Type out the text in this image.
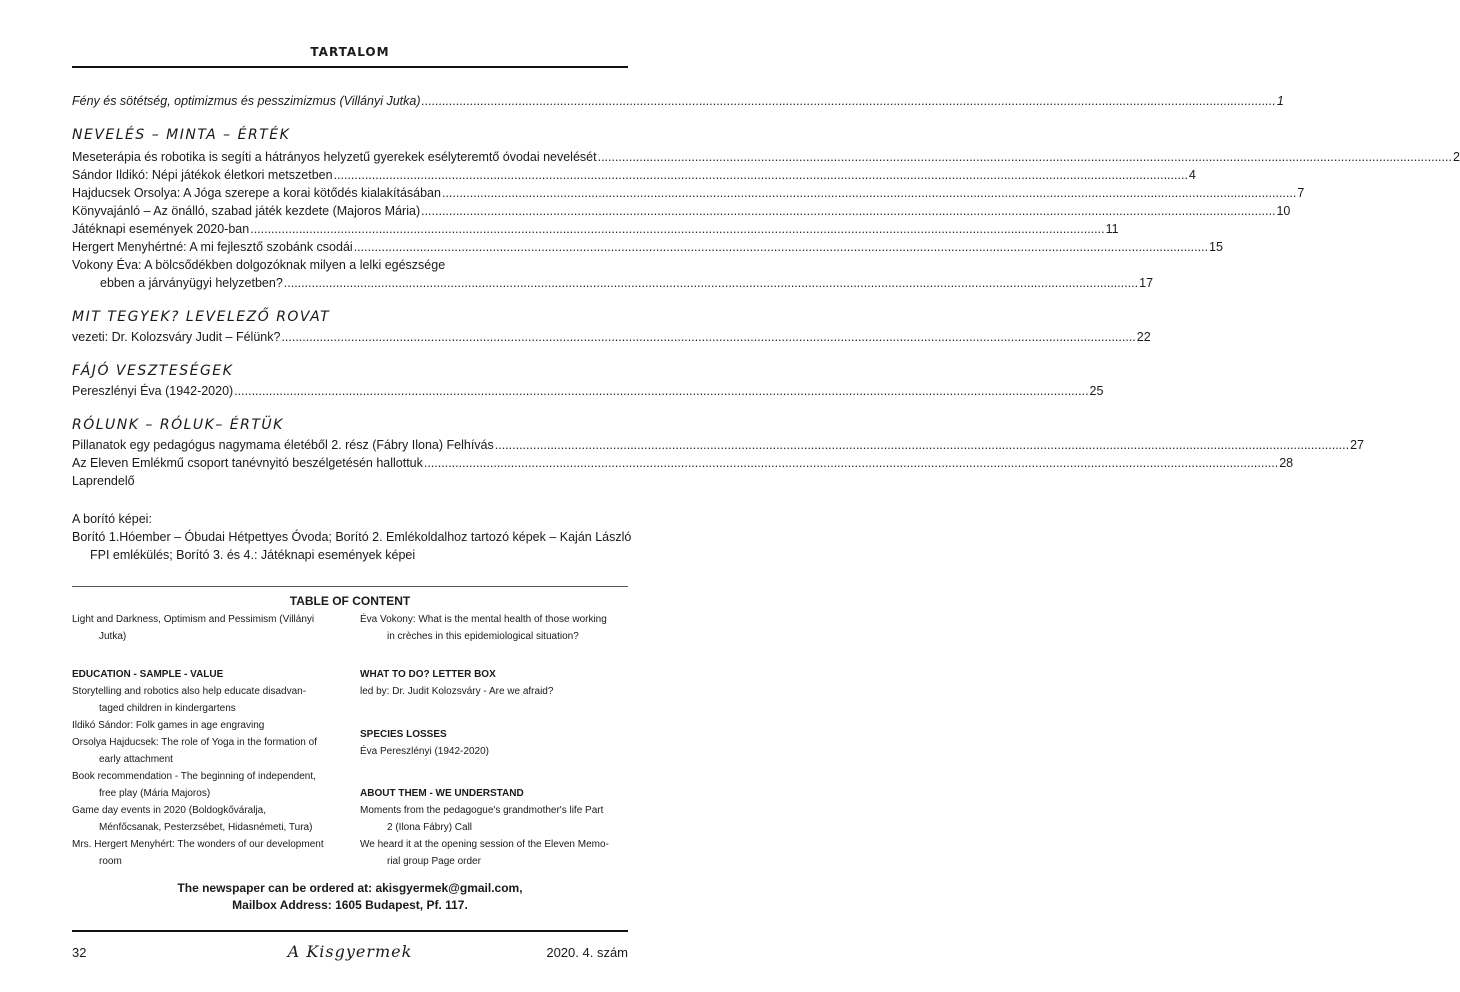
TARTALOM
Fény és sötétség, optimizmus és pesszimizmus (Villányi Jutka) .....	1
NEVELÉS – MINTA – ÉRTÉK
Meseterápia és robotika is segíti a hátrányos helyzetű gyerekek esélyteremtő óvodai nevelését .....	2
Sándor Ildikó: Népi játékok életkori metszetben .....	4
Hajducsek Orsolya: A Jóga szerepe a korai kötődés kialakításában .....	7
Könyvajánló – Az önálló, szabad játék kezdete (Majoros Mária) .....	10
Játéknapi események 2020-ban .....	11
Hergert Menyhértné: A mi fejlesztő szobánk csodái .....	15
Vokony Éva: A bölcsődékben dolgozóknak milyen a lelki egészsége
ebben a járványügyi helyzetben? .....	17
MIT TEGYEK? LEVELEZŐ ROVAT
vezeti: Dr. Kolozsváry Judit – Félünk? .....	22
FÁJÓ VESZTESÉGEK
Pereszlényi Éva (1942-2020) .....	25
RÓLUNK – RÓLUK– ÉRTÜK
Pillanatok egy pedagógus nagymama életéből 2. rész (Fábry Ilona) Felhívás .....	27
Az Eleven Emlékmű csoport tanévnyitó beszélgetésén hallottuk .....	28
Laprendelő
A borító képei:
Borító 1.Hóember – Óbudai Hétpettyes Óvoda; Borító 2. Emlékoldalhoz tartozó képek – Kaján László
FPI emlékülés; Borító 3. és 4.: Játéknapi események képei
TABLE OF CONTENT
Light and Darkness, Optimism and Pessimism (Villányi
Jutka)
EDUCATION - SAMPLE - VALUE
Storytelling and robotics also help educate disadvan-
taged children in kindergartens
Ildikó Sándor: Folk games in age engraving
Orsolya Hajducsek: The role of Yoga in the formation of
early attachment
Book recommendation - The beginning of independent,
free play (Mária Majoros)
Game day events in 2020 (Boldogkőváralja,
Ménfőcsanak, Pesterzsébet, Hidasnémeti, Tura)
Mrs. Hergert Menyhért: The wonders of our development
room
Éva Vokony: What is the mental health of those working
in crèches in this epidemiological situation?
WHAT TO DO? LETTER BOX
led by: Dr. Judit Kolozsváry - Are we afraid?
SPECIES LOSSES
Éva Pereszlényi (1942-2020)
ABOUT THEM - WE UNDERSTAND
Moments from the pedagogue's grandmother's life Part
2 (Ilona Fábry) Call
We heard it at the opening session of the Eleven Memo-
rial group Page order
The newspaper can be ordered at: akisgyermek@gmail.com,
Mailbox Address: 1605 Budapest, Pf. 117.
32	A Kisgyermek	2020. 4. szám
